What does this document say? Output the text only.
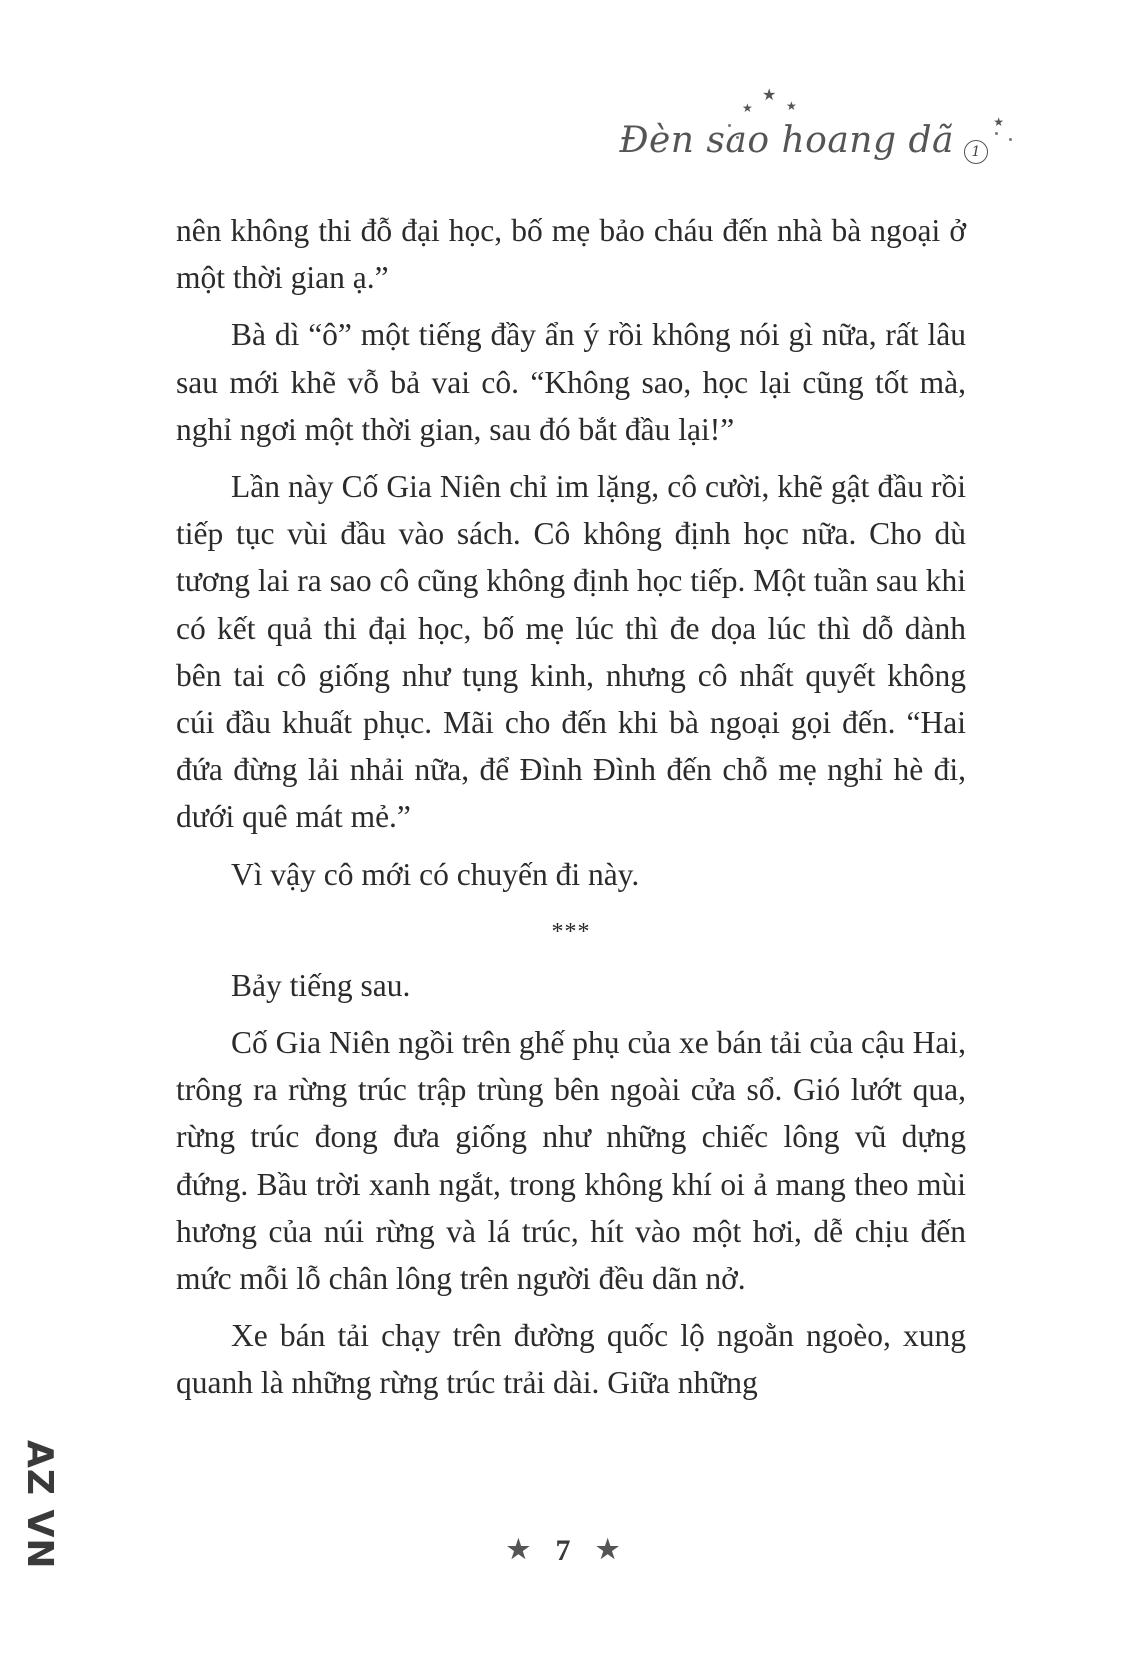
★
★	★
Đèn sao hoang dã	1
★

nên không thi đỗ đại học, bố mẹ bảo cháu đến nhà bà ngoại ở một thời gian ạ.”

Bà dì “ô” một tiếng đầy ẩn ý rồi không nói gì nữa, rất lâu sau mới khẽ vỗ bả vai cô. “Không sao, học lại cũng tốt mà, nghỉ ngơi một thời gian, sau đó bắt đầu lại!”

Lần này Cố Gia Niên chỉ im lặng, cô cười, khẽ gật đầu rồi tiếp tục vùi đầu vào sách. Cô không định học nữa. Cho dù tương lai ra sao cô cũng không định học tiếp. Một tuần sau khi có kết quả thi đại học, bố mẹ lúc thì đe dọa lúc thì dỗ dành bên tai cô giống như tụng kinh, nhưng cô nhất quyết không cúi đầu khuất phục. Mãi cho đến khi bà ngoại gọi đến. “Hai đứa đừng lải nhải nữa, để Đình Đình đến chỗ mẹ nghỉ hè đi, dưới quê mát mẻ.”

Vì vậy cô mới có chuyến đi này.

***

Bảy tiếng sau.

Cố Gia Niên ngồi trên ghế phụ của xe bán tải của cậu Hai, trông ra rừng trúc trập trùng bên ngoài cửa sổ. Gió lướt qua, rừng trúc đong đưa giống như những chiếc lông vũ dựng đứng. Bầu trời xanh ngắt, trong không khí oi ả mang theo mùi hương của núi rừng và lá trúc, hít vào một hơi, dễ chịu đến mức mỗi lỗ chân lông trên người đều dãn nở.

Xe bán tải chạy trên đường quốc lộ ngoằn ngoèo, xung quanh là những rừng trúc trải dài. Giữa những

★ 7 ★
AZ VN
